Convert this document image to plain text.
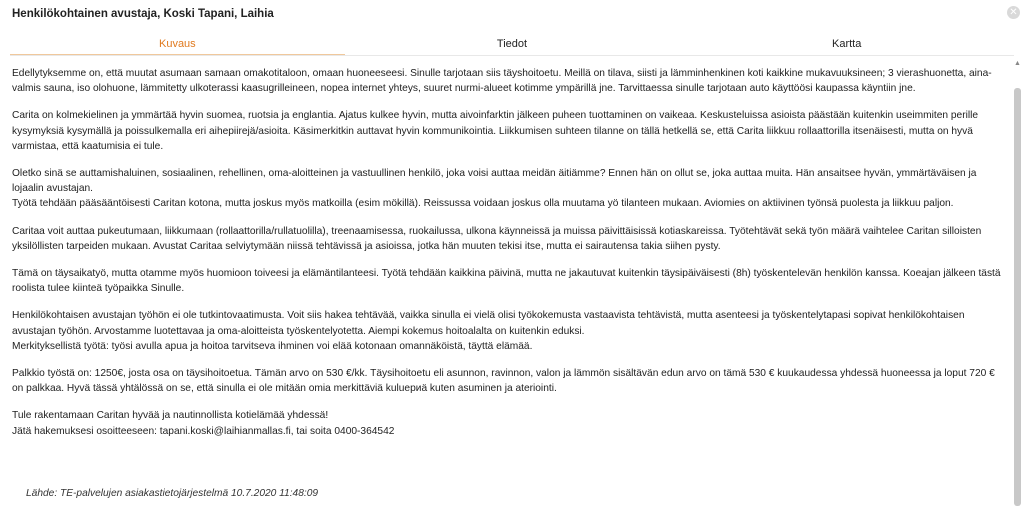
Henkilökohtainen avustaja, Koski Tapani, Laihia	✕
Kuvaus	Tiedot	Kartta
▲

Edellytyksemme on, että muutat asumaan samaan omakotitaloon, omaan huoneeseesi. Sinulle tarjotaan siis täyshoitoetu. Meillä on tilava, siisti ja lämminhenkinen koti kaikkine mukavuuksineen; 3 vierashuonetta, aina-valmis sauna, iso olohuone, lämmitetty ulkoterassi kaasugrilleineen, nopea internet yhteys, suuret nurmi-alueet kotimme ympärillä jne. Tarvittaessa sinulle tarjotaan auto käyttöösi kaupassa käyntiin jne.

Carita on kolmekielinen ja ymmärtää hyvin suomea, ruotsia ja englantia. Ajatus kulkee hyvin, mutta aivoinfarktin jälkeen puheen tuottaminen on vaikeaa. Keskusteluissa asioista päästään kuitenkin useimmiten perille kysymyksiä kysymällä ja poissulkemalla eri aihepiirejä/asioita. Käsimerkitkin auttavat hyvin kommunikointia. Liikkumisen suhteen tilanne on tällä hetkellä se, että Carita liikkuu rollaattorilla itsenäisesti, mutta on hyvä varmistaa, että kaatumisia ei tule.

Oletko sinä se auttamishaluinen, sosiaalinen, rehellinen, oma-aloitteinen ja vastuullinen henkilö, joka voisi auttaa meidän äitiämme? Ennen hän on ollut se, joka auttaa muita. Hän ansaitsee hyvän, ymmärtäväisen ja lojaalin avustajan.

Työtä tehdään pääsääntöisesti Caritan kotona, mutta joskus myös matkoilla (esim mökillä). Reissussa voidaan joskus olla muutama yö tilanteen mukaan. Aviomies on aktiivinen työnsä puolesta ja liikkuu paljon.

Caritaa voit auttaa pukeutumaan, liikkumaan (rollaattorilla/rullatuolilla), treenaamisessa, ruokailussa, ulkona käynneissä ja muissa päivittäisissä kotiaskareissa. Työtehtävät sekä työn määrä vaihtelee Caritan silloisten yksilöllisten tarpeiden mukaan. Avustat Caritaa selviytymään niissä tehtävissä ja asioissa, jotka hän muuten tekisi itse, mutta ei sairautensa takia siihen pysty.

Tämä on täysaikatyö, mutta otamme myös huomioon toiveesi ja elämäntilanteesi. Työtä tehdään kaikkina päivinä, mutta ne jakautuvat kuitenkin täysipäiväisesti (8h) työskentelevän henkilön kanssa. Koeajan jälkeen tästä roolista tulee kiinteä työpaikka Sinulle.

Henkilökohtaisen avustajan työhön ei ole tutkintovaatimusta. Voit siis hakea tehtävää, vaikka sinulla ei vielä olisi työkokemusta vastaavista tehtävistä, mutta asenteesi ja työskentelytapasi sopivat henkilökohtaisen avustajan työhön. Arvostamme luotettavaa ja oma-aloitteista työskentelyotetta. Aiempi kokemus hoitoalalta on kuitenkin eduksi.

Merkityksellistä työtä: työsi avulla apua ja hoitoa tarvitseva ihminen voi elää kotonaan omannäköistä, täyttä elämää.

Palkkio työstä on: 1250€, josta osa on täysihoitoetua. Tämän arvo on 530 €/kk. Täysihoitoetu eli asunnon, ravinnon, valon ja lämmön sisältävän edun arvo on tämä 530 € kuukaudessa yhdessä huoneessa ja loput 720 € on palkkaa. Hyvä tässä yhtälössä on se, että sinulla ei ole mitään omia merkittäviä kuluериä kuten asuminen ja ateriointi.

Tule rakentamaan Caritan hyvää ja nautinnollista kotielämää yhdessä!

Jätä hakemuksesi osoitteeseen: tapani.koski@laihianmallas.fi, tai soita 0400-364542

Lähde: TE-palvelujen asiakastietojärjestelmä 10.7.2020 11:48:09
